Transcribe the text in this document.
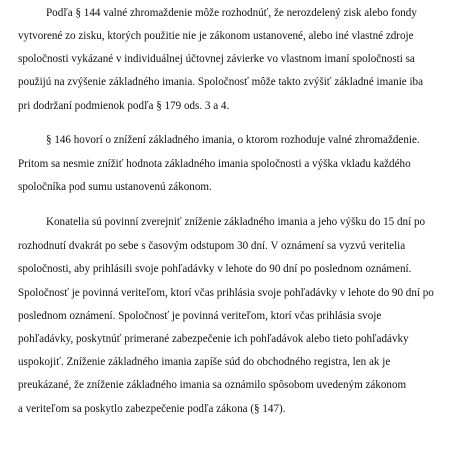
Podľa § 144 valné zhromaždenie môže rozhodnúť, že nerozdelený zisk alebo fondy
vytvorené zo zisku, ktorých použitie nie je zákonom ustanovené, alebo iné vlastné zdroje
spoločnosti vykázané v individuálnej účtovnej závierke vo vlastnom imaní spoločnosti sa
použijú na zvýšenie základného imania. Spoločnosť môže takto zvýšiť základné imanie iba
pri dodržaní podmienok podľa § 179 ods. 3 a 4.
§ 146 hovorí o znížení základného imania, o ktorom rozhoduje valné zhromaždenie.
Pritom sa nesmie znížiť hodnota základného imania spoločnosti a výška vkladu každého
spoločníka pod sumu ustanovenú zákonom.
Konatelia sú povinní zverejniť zníženie základného imania a jeho výšku do 15 dní po
rozhodnutí dvakrát po sebe s časovým odstupom 30 dní. V oznámení sa vyzvú veritelia
spoločnosti, aby prihlásili svoje pohľadávky v lehote do 90 dní po poslednom oznámení.
Spoločnosť je povinná veriteľom, ktorí včas prihlásia svoje pohľadávky v lehote do 90 dní po
poslednom oznámení. Spoločnosť je povinná veriteľom, ktorí včas prihlásia svoje
pohľadávky, poskytnúť primerané zabezpečenie ich pohľadávok alebo tieto pohľadávky
uspokojiť. Zníženie základného imania zapíše súd do obchodného registra, len ak je
preukázané, že zníženie základného imania sa oznámilo spôsobom uvedeným zákonom
a veriteľom sa poskytlo zabezpečenie podľa zákona (§ 147).
